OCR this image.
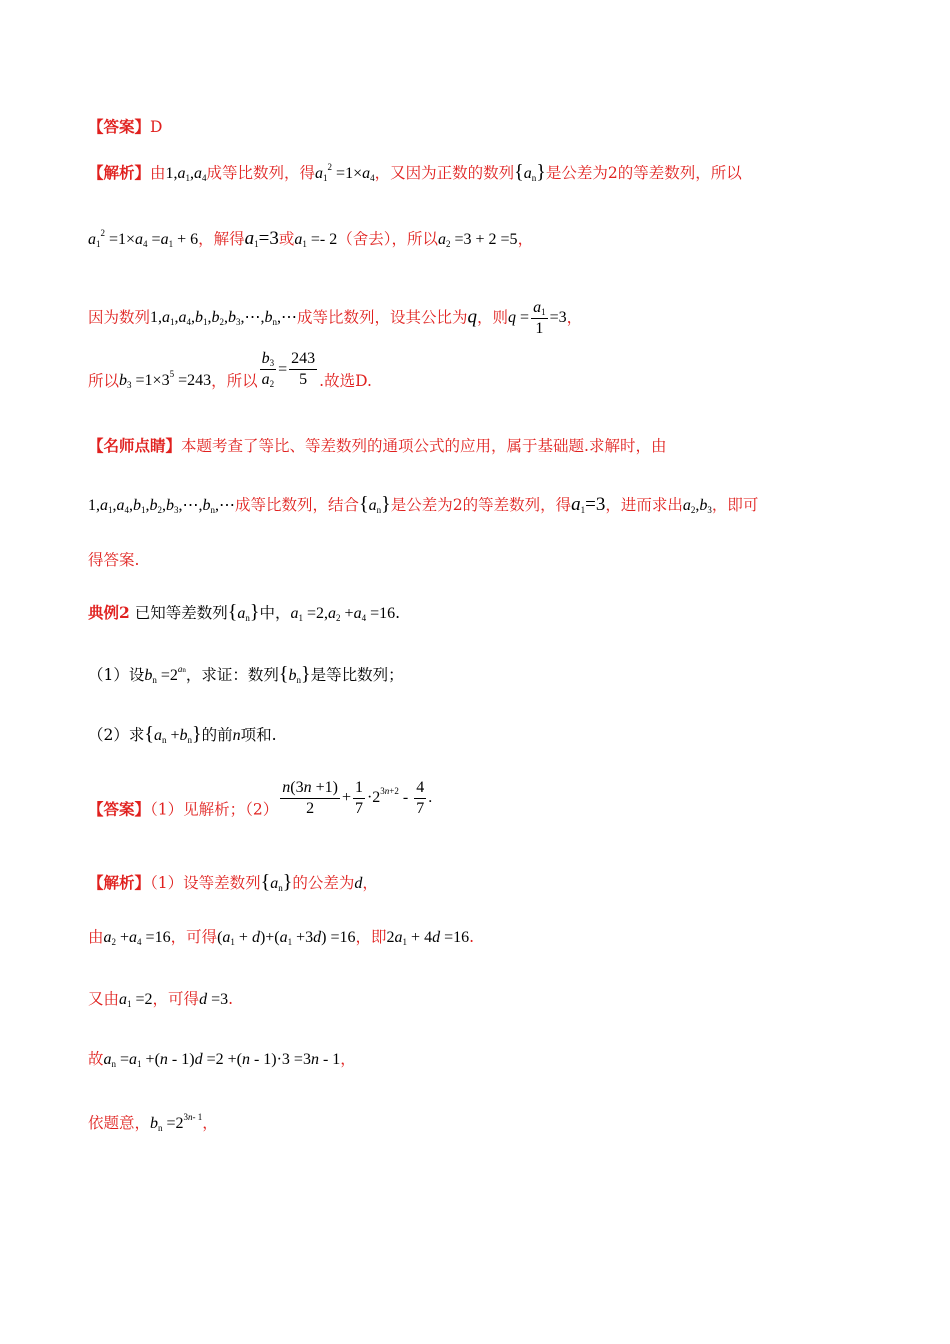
【答案】D
【解析】由$1,a_1,a_4$成等比数列，得$a_1^2 =1\times a_4$，又因为正数的数列$\{a_n\}$是公差为2的等差数列，所以
$a_1^2 =1\times a_4 =a_1 + 6$，解得$a_1=3$或$a_1 =- 2$（舍去），所以$a_2 =3 + 2 =5$，
因为数列$1,a_1,a_4,b_1,b_2,b_3,\cdots,b_n,\cdots$成等比数列，设其公比为q，则$q = \frac{a_1}{1} =3$，
所以$b_3 =1\times 3^5 =243$，所以 $\frac{b_3}{a_2} = \frac{243}{5}$ .故选D.
【名师点睛】本题考查了等比、等差数列的通项公式的应用，属于基础题.求解时，由
$1,a_1,a_4,b_1,b_2,b_3,\cdots,b_n,\cdots$成等比数列，结合$\{a_n\}$是公差为2的等差数列，得$a_1=3$，进而求出$a_2,b_3$，即可
得答案.
典例2 已知等差数列$\{a_n\}$中，$a_1 =2,a_2 +a_4 =16$.
（1）设$b_n =2^{an}$，求证：数列$\{b_n\}$是等比数列；
（2）求$\{a_n +b_n\}$的前n项和.
【答案】（1）见解析；$(2) \frac{n(3n +1)}{2} + \frac{1}{7} \cdot 2^{3n+2} - \frac{4}{7}$ .
【解析】（1）设等差数列$\{a_n\}$的公差为d，
由$a_2 +a_4 =16$，可得$(a_1 + d)+(a_1 +3d) =16$，即$2a_1 + 4d =16$.
又由$a_1 =2$，可得d =3.
故$a_n =a_1 +(n - 1)d =2 +(n - 1)\cdot 3 =3n - 1$，
依题意，$b_n =2^{3n- 1}$，
